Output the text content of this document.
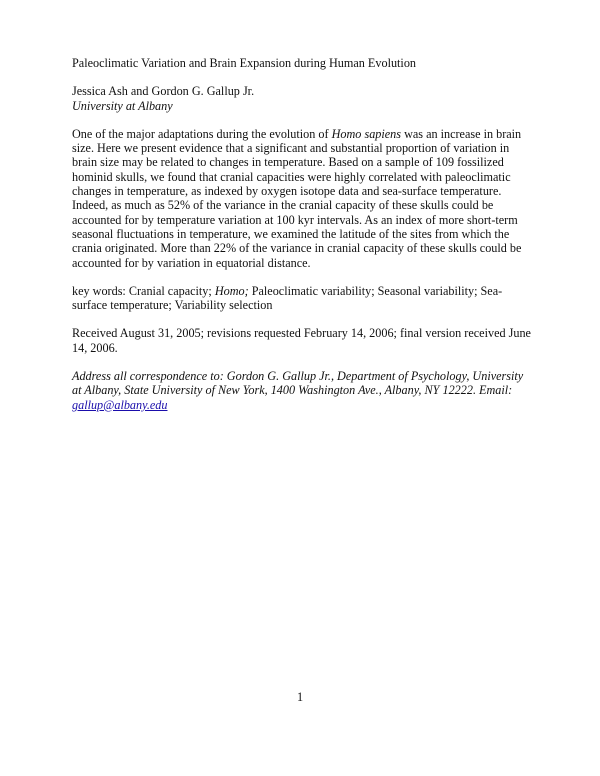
Paleoclimatic Variation and Brain Expansion during Human Evolution

Jessica Ash and Gordon G. Gallup Jr.

University at Albany

One of the major adaptations during the evolution of Homo sapiens was an increase in brain size. Here we present evidence that a significant and substantial proportion of variation in brain size may be related to changes in temperature. Based on a sample of 109 fossilized hominid skulls, we found that cranial capacities were highly correlated with paleoclimatic changes in temperature, as indexed by oxygen isotope data and sea-surface temperature. Indeed, as much as 52% of the variance in the cranial capacity of these skulls could be accounted for by temperature variation at 100 kyr intervals. As an index of more short-term seasonal fluctuations in temperature, we examined the latitude of the sites from which the crania originated. More than 22% of the variance in cranial capacity of these skulls could be accounted for by variation in equatorial distance.

key words: Cranial capacity; Homo; Paleoclimatic variability; Seasonal variability; Sea-surface temperature; Variability selection

Received August 31, 2005; revisions requested February 14, 2006; final version received June 14, 2006.

Address all correspondence to: Gordon G. Gallup Jr., Department of Psychology, University at Albany, State University of New York, 1400 Washington Ave., Albany, NY 12222. Email: gallup@albany.edu

1
